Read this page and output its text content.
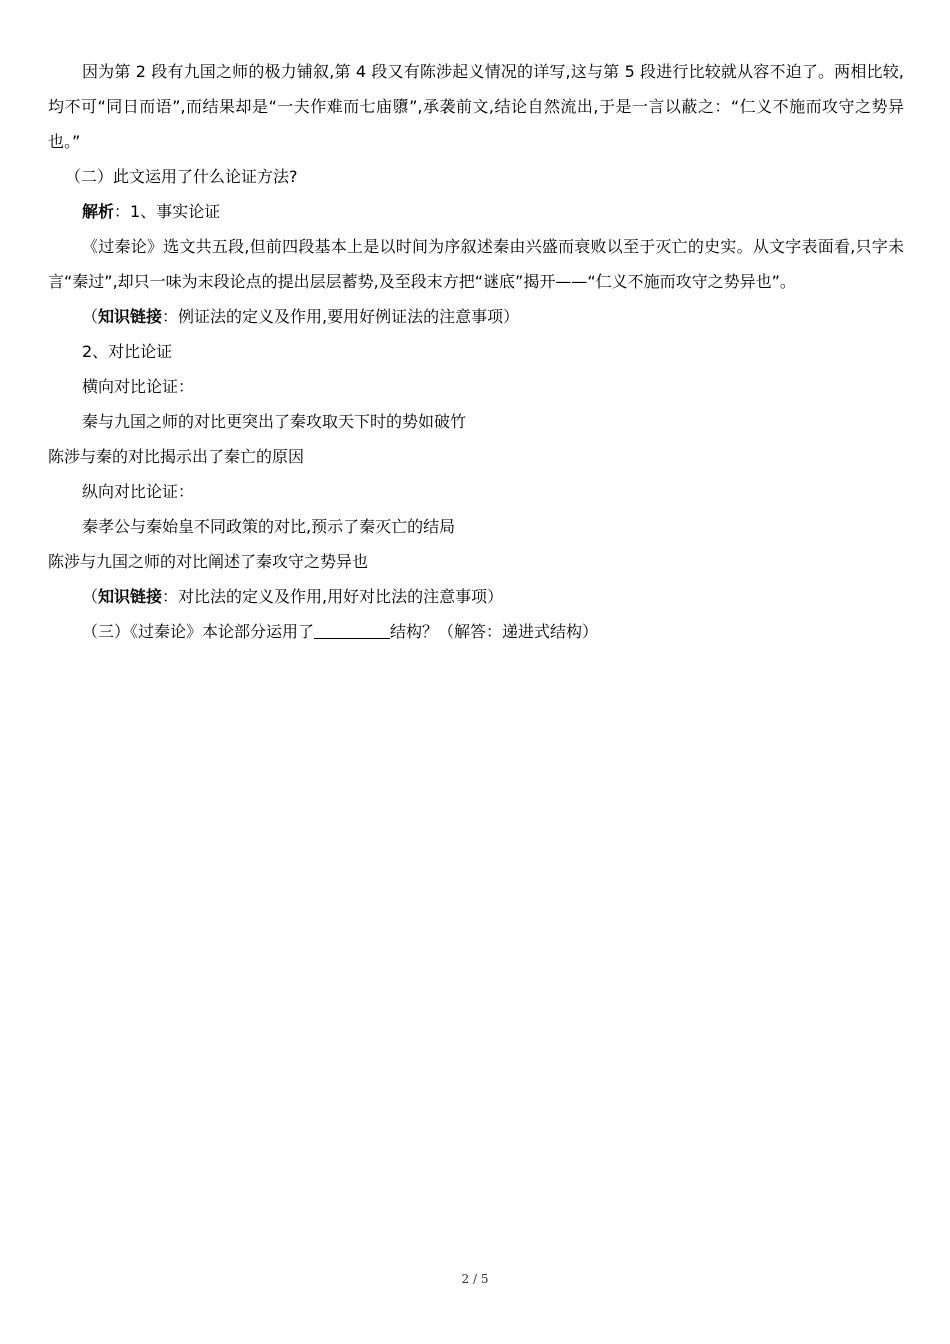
因为第 2 段有九国之师的极力铺叙,第 4 段又有陈涉起义情况的详写,这与第 5 段进行比较就从容不迫了。两相比较,均不可“同日而语”,而结果却是“一夫作难而七庙隳”,承袭前文,结论自然流出,于是一言以蔽之：“仁义不施而攻守之势异也。”

（二）此文运用了什么论证方法?

解析：1、事实论证

《过秦论》选文共五段,但前四段基本上是以时间为序叙述秦由兴盛而衰败以至于灭亡的史实。从文字表面看,只字未言“秦过”,却只一味为末段论点的提出层层蓄势,及至段末方把“谜底”揭开——“仁义不施而攻守之势异也”。

（知识链接：例证法的定义及作用,要用好例证法的注意事项）

2、对比论证

横向对比论证：

秦与九国之师的对比更突出了秦攻取天下时的势如破竹

陈涉与秦的对比揭示出了秦亡的原因

纵向对比论证：

秦孝公与秦始皇不同政策的对比,预示了秦灭亡的结局

陈涉与九国之师的对比阐述了秦攻守之势异也

（知识链接：对比法的定义及作用,用好对比法的注意事项）

（三）《过秦论》本论部分运用了	结构？（解答：递进式结构）

2 / 5
